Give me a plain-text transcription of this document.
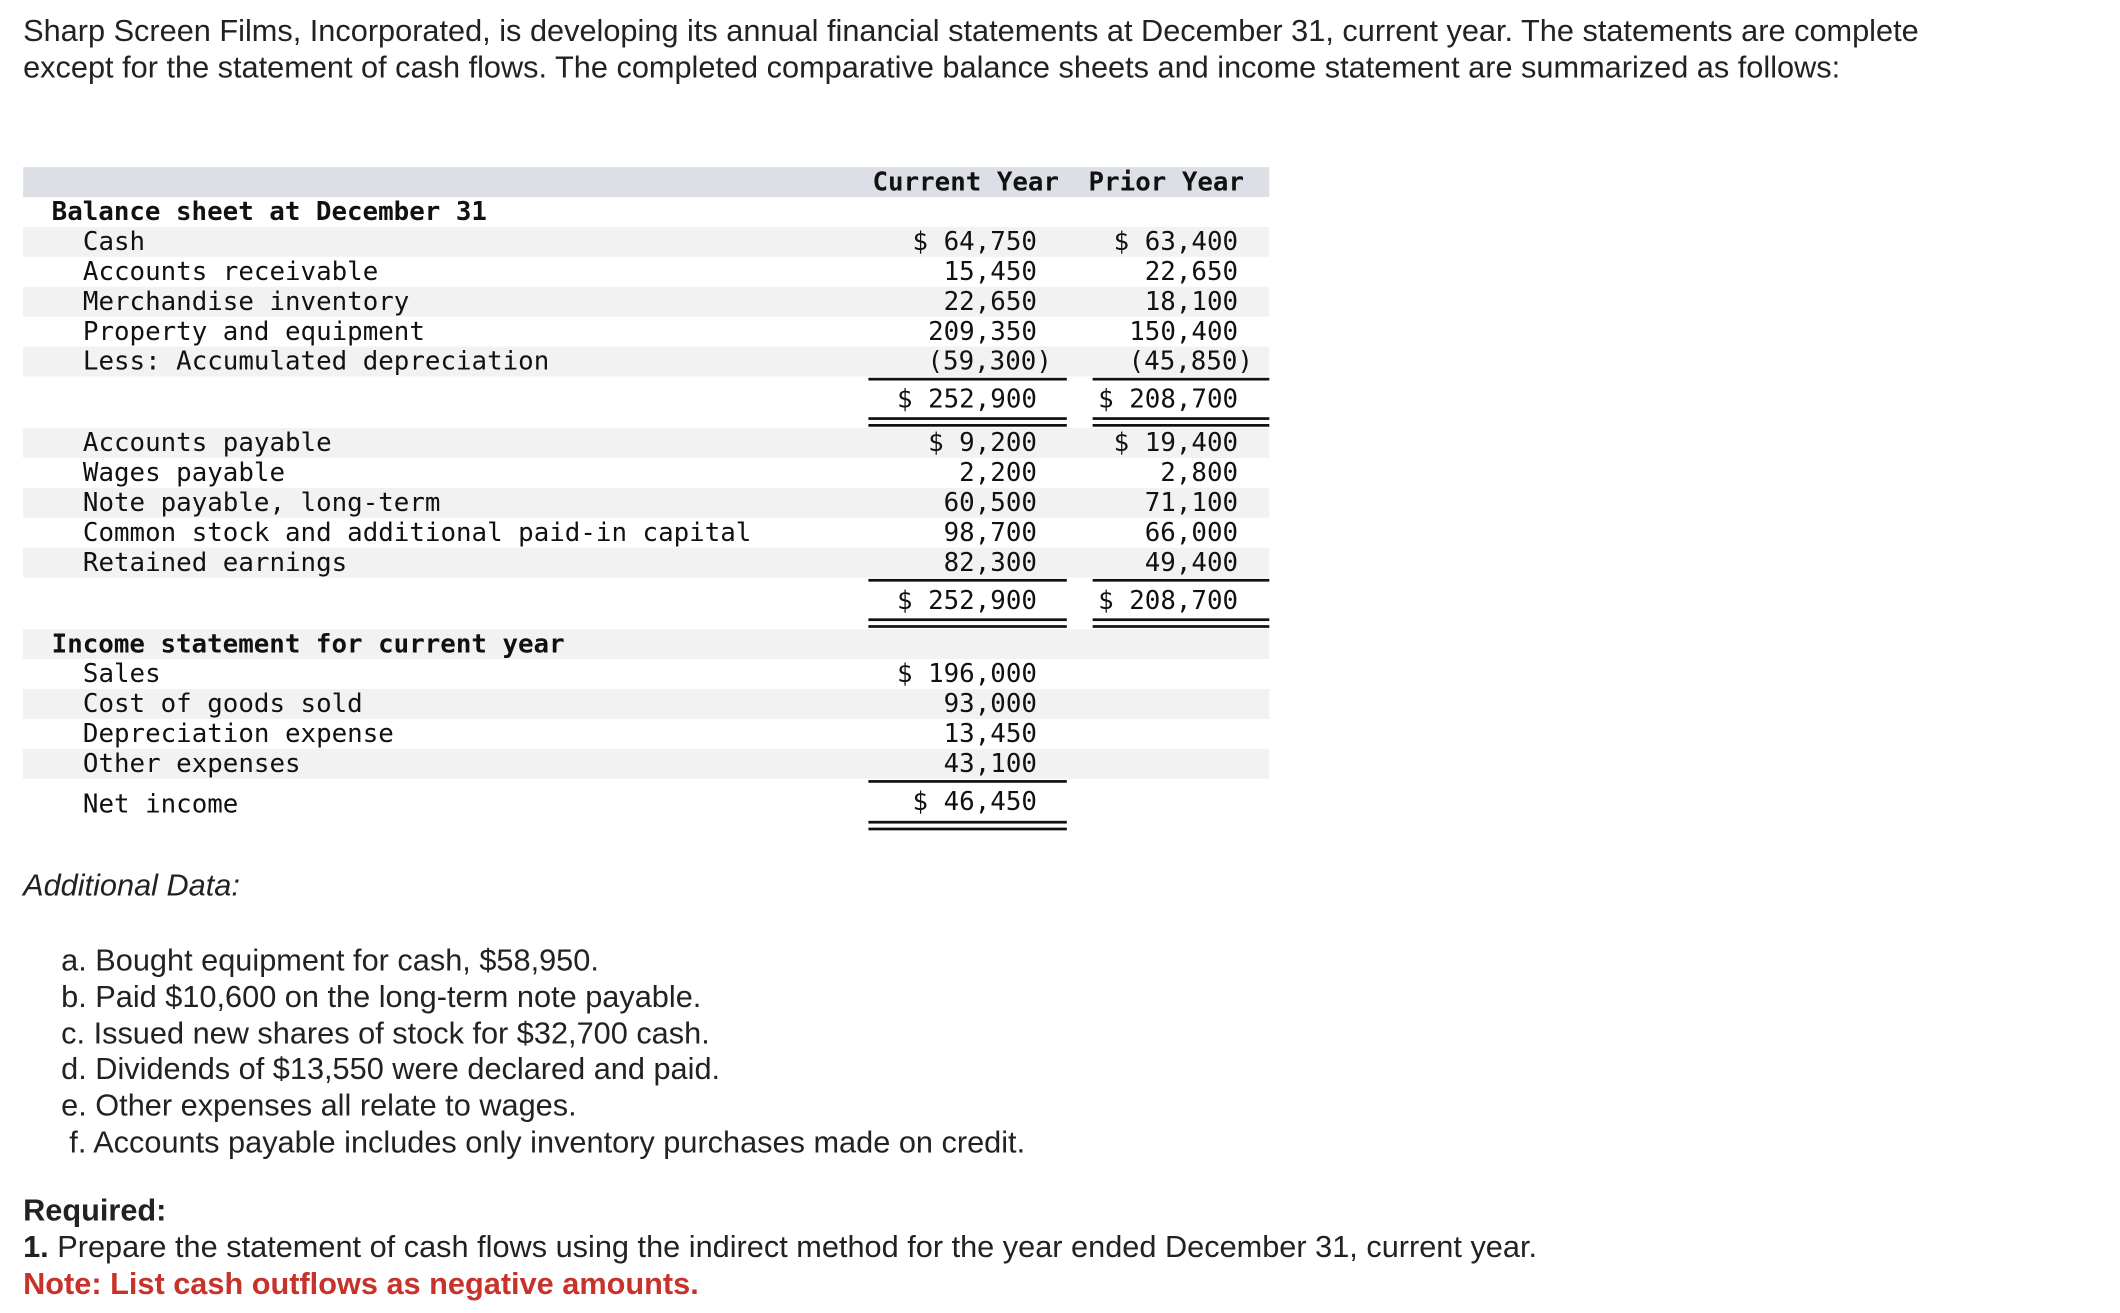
Sharp Screen Films, Incorporated, is developing its annual financial statements at December 31, current year. The statements are complete except for the statement of cash flows. The completed comparative balance sheets and income statement are summarized as follows:
Current Year Prior Year
Balance sheet at December 31
Cash	$ 64,750	$ 63,400
Accounts receivable	15,450	22,650
Merchandise inventory	22,650	18,100
Property and equipment	209,350	150,400
Less: Accumulated depreciation	(59,300)	(45,850)
$ 252,900	$ 208,700
Accounts payable	$ 9,200	$ 19,400
Wages payable	2,200	2,800
Note payable, long-term	60,500	71,100
Common stock and additional paid-in capital	98,700	66,000
Retained earnings	82,300	49,400
$ 252,900	$ 208,700
Income statement for current year
Sales	$ 196,000
Cost of goods sold	93,000
Depreciation expense	13,450
Other expenses	43,100
Net income	$ 46,450
Additional Data:
a. Bought equipment for cash, $58,950.
b. Paid $10,600 on the long-term note payable.
c. Issued new shares of stock for $32,700 cash.
d. Dividends of $13,550 were declared and paid.
e. Other expenses all relate to wages.
f. Accounts payable includes only inventory purchases made on credit.
Required:
1. Prepare the statement of cash flows using the indirect method for the year ended December 31, current year.
Note: List cash outflows as negative amounts.
